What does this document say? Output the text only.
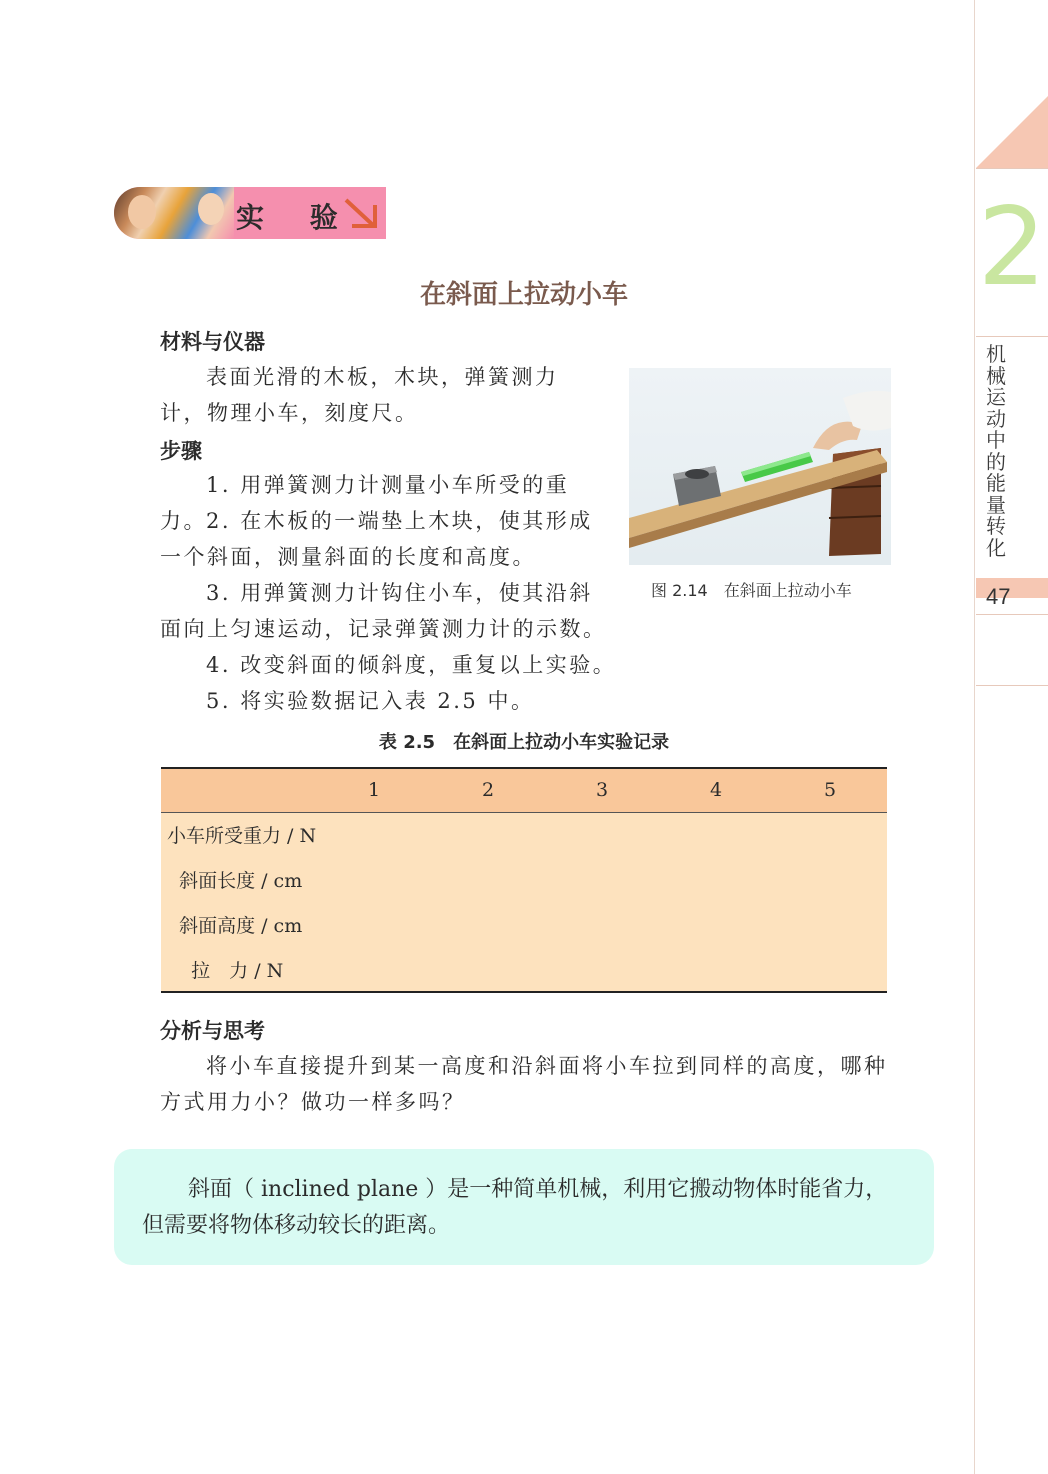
2
机械运动中的能量转化
47
实 验
在斜面上拉动小车
材料与仪器
表面光滑的木板，木块，弹簧测力计，物理小车，刻度尺。
步骤
1. 用弹簧测力计测量小车所受的重力。 2. 在木板的一端垫上木块，使其形成一个斜面，测量斜面的长度和高度。
3. 用弹簧测力计钩住小车，使其沿斜面向上匀速运动，记录弹簧测力计的示数。
4. 改变斜面的倾斜度，重复以上实验。
5. 将实验数据记入表 2.5 中。
图 2.14　在斜面上拉动小车
表 2.5　在斜面上拉动小车实验记录
	1	2	3	4	5
小车所受重力 / N					
斜面长度 / cm					
斜面高度 / cm					
拉　力 / N					
分析与思考
将小车直接提升到某一高度和沿斜面将小车拉到同样的高度，哪种方式用力小？做功一样多吗？
斜面（ inclined plane ）是一种简单机械，利用它搬动物体时能省力，但需要将物体移动较长的距离。
